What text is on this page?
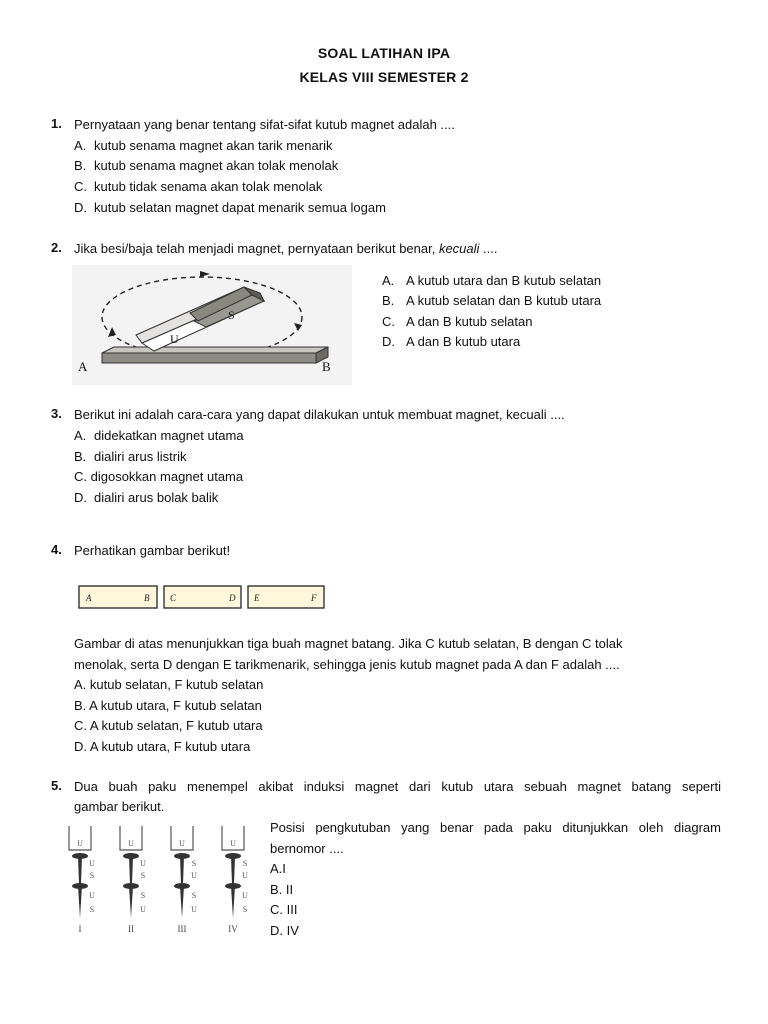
SOAL LATIHAN IPA
KELAS VIII SEMESTER 2
1. Pernyataan yang benar tentang sifat-sifat kutub magnet adalah ....
A. kutub senama magnet akan tarik menarik
B. kutub senama magnet akan tolak menolak
C. kutub tidak senama akan tolak menolak
D. kutub selatan magnet dapat menarik semua logam
2. Jika besi/baja telah menjadi magnet, pernyataan berikut benar, kecuali ....
A	B
U
S
A. A kutub utara dan B kutub selatan
B. A kutub selatan dan B kutub utara
C. A dan B kutub selatan
D. A dan B kutub utara
3. Berikut ini adalah cara-cara yang dapat dilakukan untuk membuat magnet, kecuali ....
A. didekatkan magnet utama
B. dialiri arus listrik
C. digosokkan magnet utama
D. dialiri arus bolak balik
4. Perhatikan gambar berikut!
A	B C	D E	F
Gambar di atas menunjukkan tiga buah magnet batang. Jika C kutub selatan, B dengan C tolak
menolak, serta D dengan E tarikmenarik, sehingga jenis kutub magnet pada A dan F adalah ....
A. kutub selatan, F kutub selatan
B. A kutub utara, F kutub selatan
C. A kutub selatan, F kutub utara
D. A kutub utara, F kutub utara
5. Dua buah paku menempel akibat induksi magnet dari kutub utara sebuah magnet batang seperti
gambar berikut.
U
U
S
U
S
I
U
U
S
S
U
II
U
S
U
S
U
III
U
S
U
U
S
IV
Posisi pengkutuban yang benar pada paku ditunjukkan oleh diagram
bernomor ....
A.I
B. II
C. III
D. IV
